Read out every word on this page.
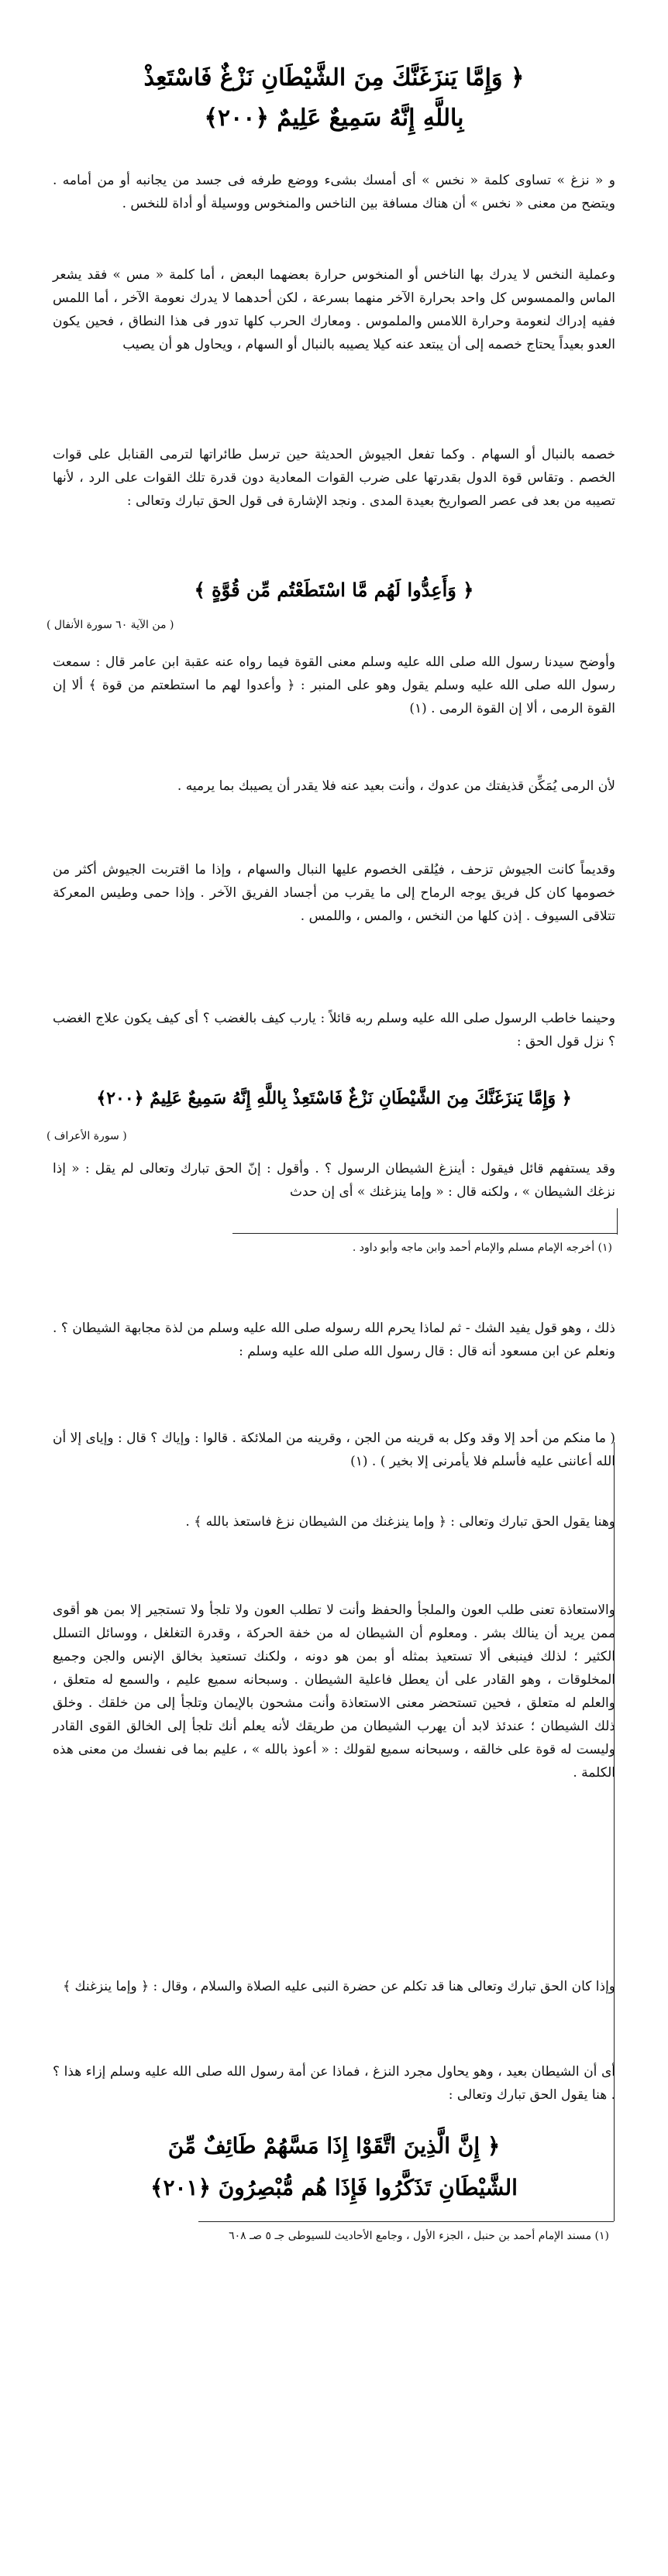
﴿ وَإِمَّا يَنزَغَنَّكَ مِنَ الشَّيْطَانِ نَزْغٌ فَاسْتَعِذْ
بِاللَّهِ إِنَّهُ سَمِيعٌ عَلِيمٌ ﴿٢٠٠﴾
و « نزغ » تساوى كلمة « نخس » أى أمسك بشىء ووضع طرفه فى جسد من يجانبه أو من أمامه . ويتضح من معنى « نخس » أن هناك مسافة بين الناخس والمنخوس ووسيلة أو أداة للنخس .
وعملية النخس لا يدرك بها الناخس أو المنخوس حرارة بعضهما البعض ، أما كلمة « مس » فقد يشعر الماس والممسوس كل واحد بحرارة الآخر منهما بسرعة ، لكن أحدهما لا يدرك نعومة الآخر ، أما اللمس ففيه إدراك لنعومة وحرارة اللامس والملموس . ومعارك الحرب كلها تدور فى هذا النطاق ، فحين يكون العدو بعيداً يحتاج خصمه إلى أن يبتعد عنه كيلا يصيبه بالنبال أو السهام ، ويحاول هو أن يصيب
خصمه بالنبال أو السهام . وكما تفعل الجيوش الحديثة حين ترسل طائراتها لترمى القنابل على قوات الخصم . وتقاس قوة الدول بقدرتها على ضرب القوات المعادية دون قدرة تلك القوات على الرد ، لأنها تصيبه من بعد فى عصر الصواريخ بعيدة المدى . ونجد الإشارة فى قول الحق تبارك وتعالى :
﴿ وَأَعِدُّوا لَهُم مَّا اسْتَطَعْتُم مِّن قُوَّةٍ ﴾
( من الآية ٦٠ سورة الأنفال )
وأوضح سيدنا رسول الله صلى الله عليه وسلم معنى القوة فيما رواه عنه عقبة ابن عامر قال : سمعت رسول الله صلى الله عليه وسلم يقول وهو على المنبر : ﴿ وأعدوا لهم ما استطعتم من قوة ﴾ ألا إن القوة الرمى ، ألا إن القوة الرمى . (١)
لأن الرمى يُمَكِّن قذيفتك من عدوك ، وأنت بعيد عنه فلا يقدر أن يصيبك بما يرميه .
وقديماً كانت الجيوش تزحف ، فيُلقى الخصوم عليها النبال والسهام ، وإذا ما اقتربت الجيوش أكثر من خصومها كان كل فريق يوجه الرماح إلى ما يقرب من أجساد الفريق الآخر . وإذا حمى وطيس المعركة تتلاقى السيوف . إذن كلها من النخس ، والمس ، واللمس .
وحينما خاطب الرسول صلى الله عليه وسلم ربه قائلاً : يارب كيف بالغضب ؟ أى كيف يكون علاج الغضب ؟ نزل قول الحق :
﴿ وَإِمَّا يَنزَغَنَّكَ مِنَ الشَّيْطَانِ نَزْغٌ فَاسْتَعِذْ بِاللَّهِ إِنَّهُ سَمِيعٌ عَلِيمٌ ﴿٢٠٠﴾
( سورة الأعراف )
وقد يستفهم قائل فيقول : أينزغ الشيطان الرسول ؟ . وأقول : إنّ الحق تبارك وتعالى لم يقل : « إذا نزغك الشيطان » ، ولكنه قال : « وإما ينزغنك » أى إن حدث
(١) أخرجه الإمام مسلم والإمام أحمد وابن ماجه وأبو داود .
ذلك ، وهو قول يفيد الشك - ثم لماذا يحرم الله رسوله صلى الله عليه وسلم من لذة مجابهة الشيطان ؟ . ونعلم عن ابن مسعود أنه قال : قال رسول الله صلى الله عليه وسلم :
( ما منكم من أحد إلا وقد وكل به قرينه من الجن ، وقرينه من الملائكة . قالوا : وإياك ؟ قال : وإياى إلا أن الله أعاننى عليه فأسلم فلا يأمرنى إلا بخير ) . (١)
وهنا يقول الحق تبارك وتعالى : ﴿ وإما ينزغنك من الشيطان نزغ فاستعذ بالله ﴾ .
والاستعاذة تعنى طلب العون والملجأ والحفظ وأنت لا تطلب العون ولا تلجأ ولا تستجير إلا بمن هو أقوى ممن يريد أن ينالك بشر . ومعلوم أن الشيطان له من خفة الحركة ، وقدرة التغلغل ، ووسائل التسلل الكثير ؛ لذلك فينبغى ألا تستعيذ بمثله أو بمن هو دونه ، ولكنك تستعيذ بخالق الإنس والجن وجميع المخلوقات ، وهو القادر على أن يعطل فاعلية الشيطان . وسبحانه سميع عليم ، والسمع له متعلق ، والعلم له متعلق ، فحين تستحضر معنى الاستعاذة وأنت مشحون بالإيمان وتلجأ إلى من خلقك . وخلق ذلك الشيطان ؛ عندئذ لابد أن يهرب الشيطان من طريقك لأنه يعلم أنك تلجأ إلى الخالق القوى القادر وليست له قوة على خالقه ، وسبحانه سميع لقولك : « أعوذ بالله » ، عليم بما فى نفسك من معنى هذه الكلمة .
وإذا كان الحق تبارك وتعالى هنا قد تكلم عن حضرة النبى عليه الصلاة والسلام ، وقال : ﴿ وإما ينزغنك ﴾
أى أن الشيطان بعيد ، وهو يحاول مجرد النزغ ، فماذا عن أمة رسول الله صلى الله عليه وسلم إزاء هذا ؟ . هنا يقول الحق تبارك وتعالى :
﴿ إِنَّ الَّذِينَ اتَّقَوْا إِذَا مَسَّهُمْ طَائِفٌ مِّنَ
الشَّيْطَانِ تَذَكَّرُوا فَإِذَا هُم مُّبْصِرُونَ ﴿٢٠١﴾
(١) مسند الإمام أحمد بن حنبل ، الجزء الأول ، وجامع الأحاديث للسيوطى جـ ٥ صـ ٦٠٨
